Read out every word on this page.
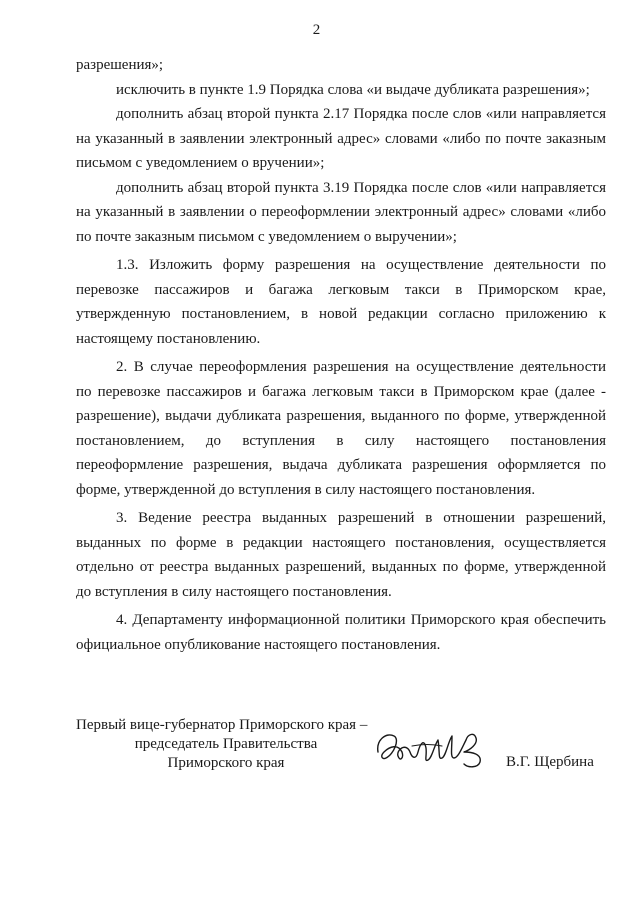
2

разрешения»;

исключить в пункте 1.9 Порядка слова «и выдаче дубликата разрешения»;

дополнить абзац второй пункта 2.17 Порядка после слов «или направляется на указанный в заявлении электронный адрес» словами «либо по почте заказным письмом с уведомлением о вручении»;

дополнить абзац второй пункта 3.19 Порядка после слов «или направляется на указанный в заявлении о переоформлении электронный адрес» словами «либо по почте заказным письмом с уведомлением о выручении»;

1.3. Изложить форму разрешения на осуществление деятельности по перевозке пассажиров и багажа легковым такси в Приморском крае, утвержденную постановлением, в новой редакции согласно приложению к настоящему постановлению.

2. В случае переоформления разрешения на осуществление деятельности по перевозке пассажиров и багажа легковым такси в Приморском крае (далее - разрешение), выдачи дубликата разрешения, выданного по форме, утвержденной постановлением, до вступления в силу настоящего постановления переоформление разрешения, выдача дубликата разрешения оформляется по форме, утвержденной до вступления в силу настоящего постановления.

3. Ведение реестра выданных разрешений в отношении разрешений, выданных по форме в редакции настоящего постановления, осуществляется отдельно от реестра выданных разрешений, выданных по форме, утвержденной до вступления в силу настоящего постановления.

4. Департаменту информационной политики Приморского края обеспечить официальное опубликование настоящего постановления.

Первый вице-губернатор Приморского края –
председатель Правительства
Приморского края	В.Г. Щербина
